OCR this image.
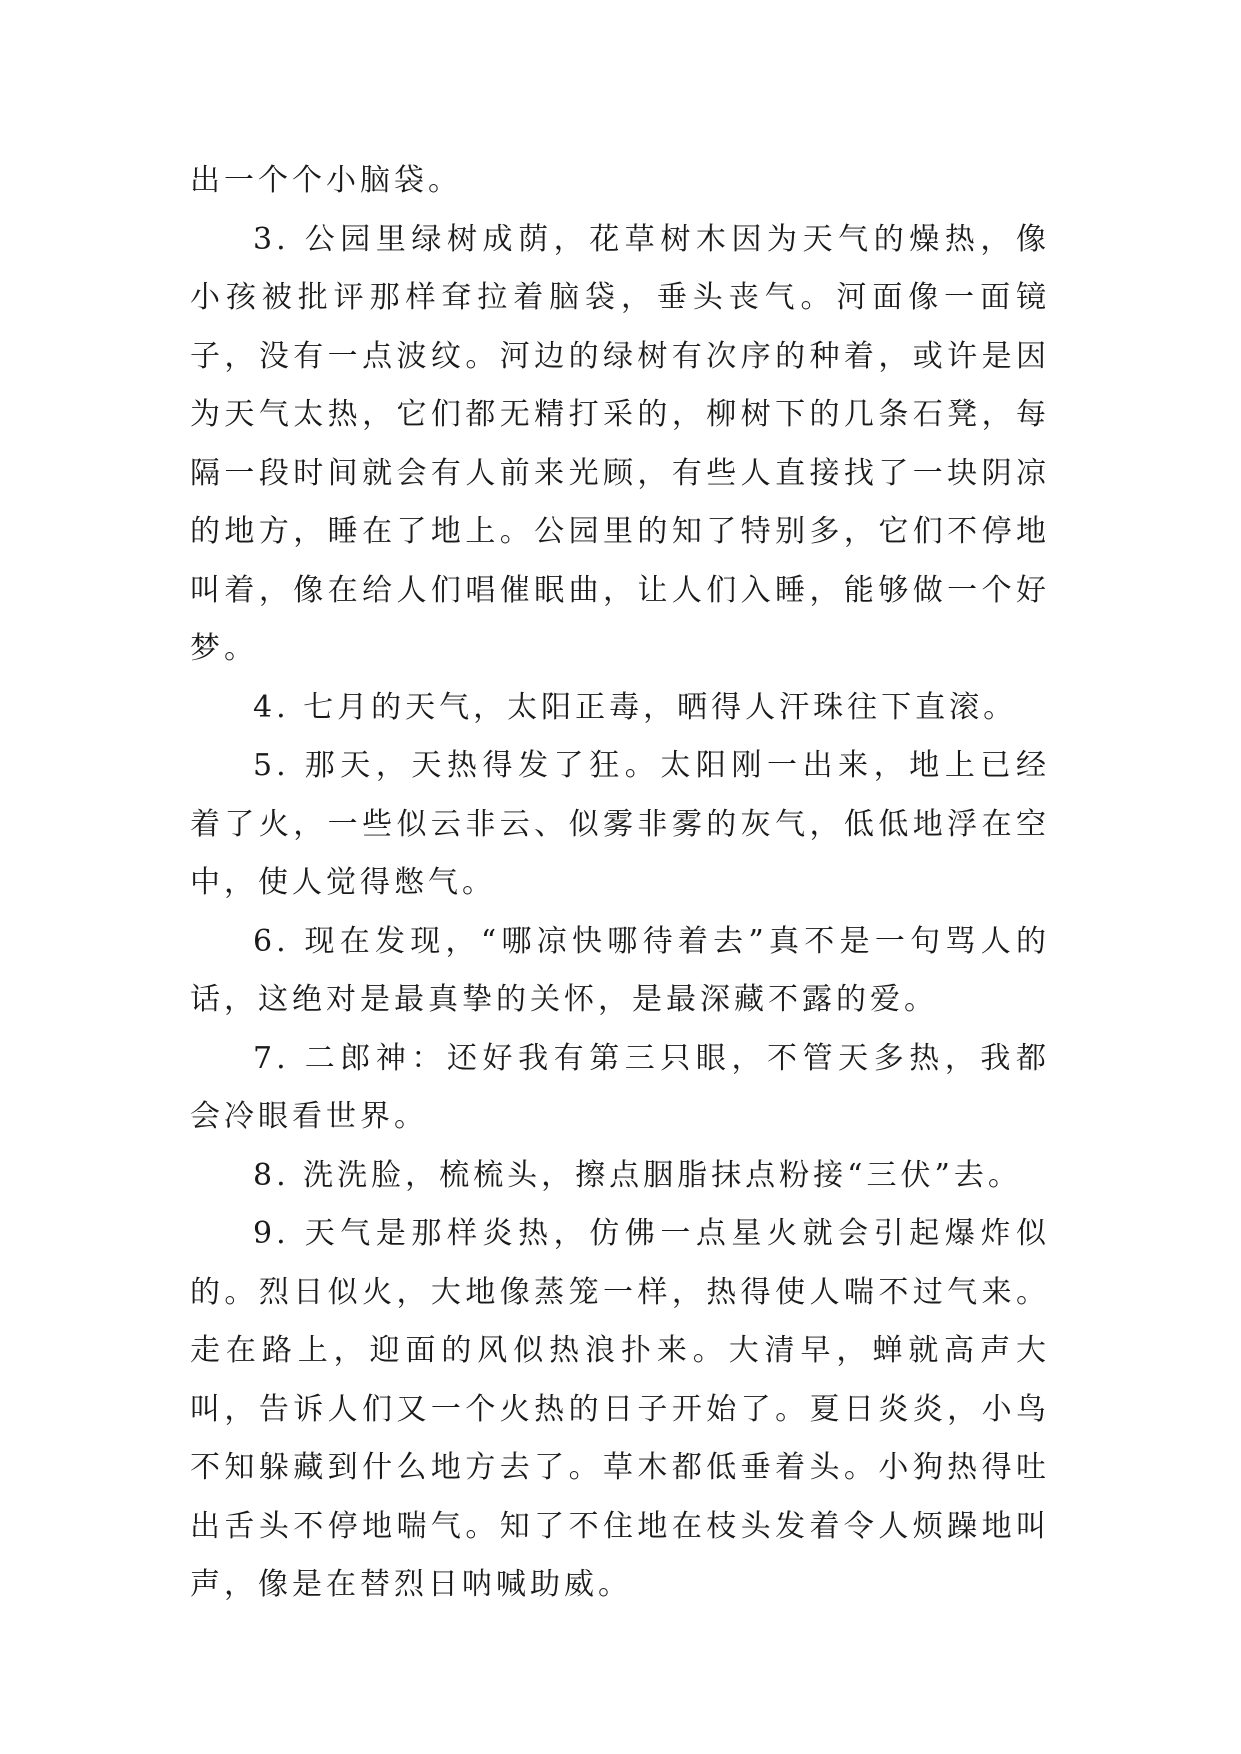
出一个个小脑袋。

3. 公园里绿树成荫，花草树木因为天气的燥热，像小孩被批评那样耷拉着脑袋，垂头丧气。河面像一面镜子，没有一点波纹。河边的绿树有次序的种着，或许是因为天气太热，它们都无精打采的，柳树下的几条石凳，每隔一段时间就会有人前来光顾，有些人直接找了一块阴凉的地方，睡在了地上。公园里的知了特别多，它们不停地叫着，像在给人们唱催眠曲，让人们入睡，能够做一个好梦。

4. 七月的天气，太阳正毒，晒得人汗珠往下直滚。

5. 那天，天热得发了狂。太阳刚一出来，地上已经着了火，一些似云非云、似雾非雾的灰气，低低地浮在空中，使人觉得憋气。

6. 现在发现，“哪凉快哪待着去”真不是一句骂人的话，这绝对是最真挚的关怀，是最深藏不露的爱。

7. 二郎神：还好我有第三只眼，不管天多热，我都会冷眼看世界。

8. 洗洗脸，梳梳头，擦点胭脂抹点粉接“三伏”去。

9. 天气是那样炎热，仿佛一点星火就会引起爆炸似的。烈日似火，大地像蒸笼一样，热得使人喘不过气来。走在路上，迎面的风似热浪扑来。大清早，蝉就高声大叫，告诉人们又一个火热的日子开始了。夏日炎炎，小鸟不知躲藏到什么地方去了。草木都低垂着头。小狗热得吐出舌头不停地喘气。知了不住地在枝头发着令人烦躁地叫声，像是在替烈日呐喊助威。
